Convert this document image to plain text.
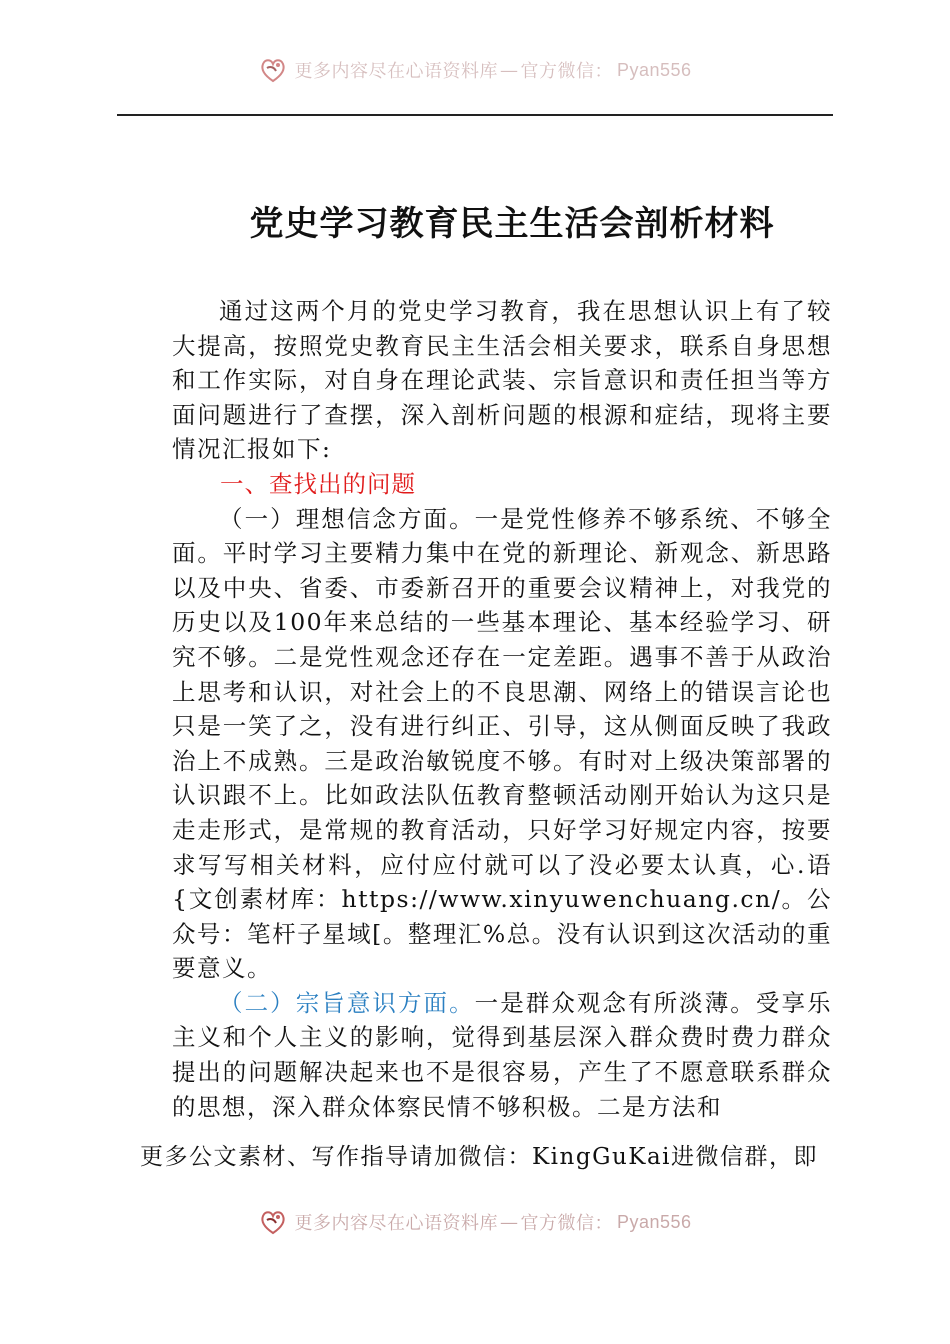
更多内容尽在心语资料库 — 官方微信： Pyan556
党史学习教育民主生活会剖析材料

通过这两个月的党史学习教育，我在思想认识上有了较大提高，按照党史教育民主生活会相关要求，联系自身思想和工作实际，对自身在理论武装、宗旨意识和责任担当等方面问题进行了查摆，深入剖析问题的根源和症结，现将主要情况汇报如下:

一、查找出的问题

（一）理想信念方面。一是党性修养不够系统、不够全面。平时学习主要精力集中在党的新理论、新观念、新思路以及中央、省委、市委新召开的重要会议精神上，对我党的历史以及100年来总结的一些基本理论、基本经验学习、研究不够。二是党性观念还存在一定差距。遇事不善于从政治上思考和认识，对社会上的不良思潮、网络上的错误言论也只是一笑了之，没有进行纠正、引导，这从侧面反映了我政治上不成熟。三是政治敏锐度不够。有时对上级决策部署的认识跟不上。比如政法队伍教育整顿活动刚开始认为这只是走走形式，是常规的教育活动，只好学习好规定内容，按要求写写相关材料，应付应付就可以了没必要太认真，心.语{文创素材库：https://www.xinyuwenchuang.cn/。公众号：笔杆子星域[。整理汇%总。没有认识到这次活动的重要意义。

（二）宗旨意识方面。一是群众观念有所淡薄。受享乐主义和个人主义的影响，觉得到基层深入群众费时费力群众提出的问题解决起来也不是很容易，产生了不愿意联系群众的思想，深入群众体察民情不够积极。二是方法和

更多公文素材、写作指导请加微信：KingGuKai进微信群，即
更多内容尽在心语资料库 — 官方微信： Pyan556
